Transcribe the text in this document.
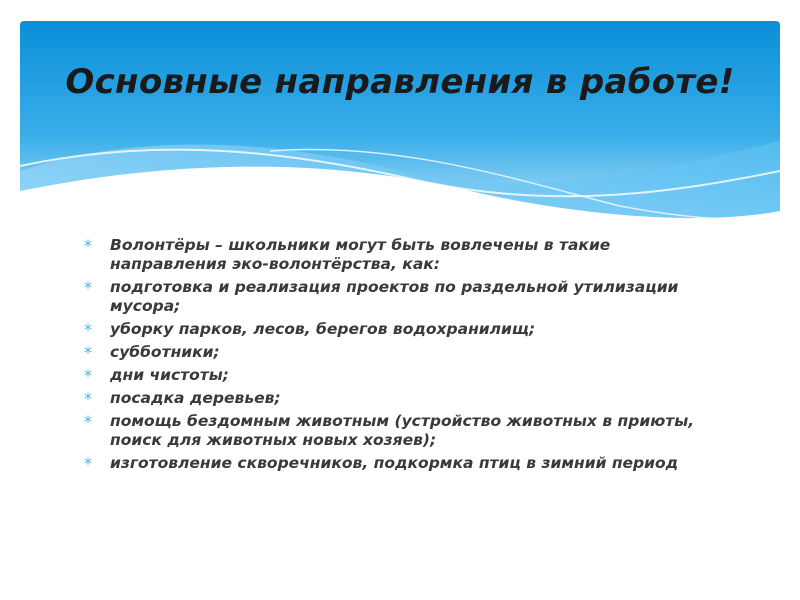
Основные направления в работе!
* Волонтёры – школьники могут быть вовлечены в такие направления эко-волонтёрства, как:
* подготовка и реализация проектов по раздельной утилизации мусора;
* уборку парков, лесов, берегов водохранилищ;
* субботники;
* дни чистоты;
* посадка деревьев;
* помощь бездомным животным (устройство животных в приюты, поиск для животных новых хозяев);
* изготовление скворечников, подкормка птиц в зимний период
